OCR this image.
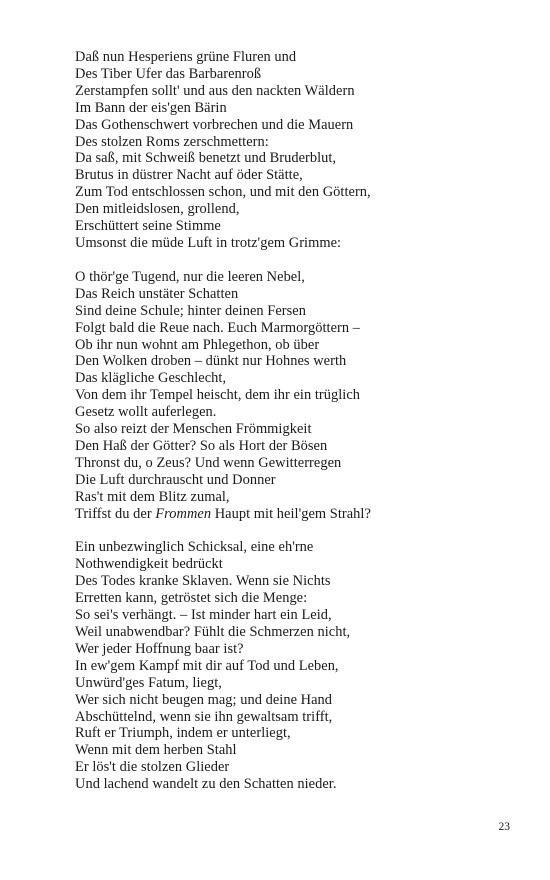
Daß nun Hesperiens grüne Fluren und
Des Tiber Ufer das Barbarenroß
Zerstampfen sollt' und aus den nackten Wäldern
Im Bann der eis'gen Bärin
Das Gothenschwert vorbrechen und die Mauern
Des stolzen Roms zerschmettern:
Da saß, mit Schweiß benetzt und Bruderblut,
Brutus in düstrer Nacht auf öder Stätte,
Zum Tod entschlossen schon, und mit den Göttern,
Den mitleidslosen, grollend,
Erschüttert seine Stimme
Umsonst die müde Luft in trotz'gem Grimme:

O thör'ge Tugend, nur die leeren Nebel,
Das Reich unstäter Schatten
Sind deine Schule; hinter deinen Fersen
Folgt bald die Reue nach. Euch Marmorgöttern –
Ob ihr nun wohnt am Phlegethon, ob über
Den Wolken droben – dünkt nur Hohnes werth
Das klägliche Geschlecht,
Von dem ihr Tempel heischt, dem ihr ein trüglich
Gesetz wollt auferlegen.
So also reizt der Menschen Frömmigkeit
Den Haß der Götter? So als Hort der Bösen
Thronst du, o Zeus? Und wenn Gewitterregen
Die Luft durchrauscht und Donner
Ras't mit dem Blitz zumal,
Triffst du der Frommen Haupt mit heil'gem Strahl?

Ein unbezwinglich Schicksal, eine eh'rne
Nothwendigkeit bedrückt
Des Todes kranke Sklaven. Wenn sie Nichts
Erretten kann, getröstet sich die Menge:
So sei's verhängt. – Ist minder hart ein Leid,
Weil unabwendbar? Fühlt die Schmerzen nicht,
Wer jeder Hoffnung baar ist?
In ew'gem Kampf mit dir auf Tod und Leben,
Unwürd'ges Fatum, liegt,
Wer sich nicht beugen mag; und deine Hand
Abschüttelnd, wenn sie ihn gewaltsam trifft,
Ruft er Triumph, indem er unterliegt,
Wenn mit dem herben Stahl
Er lös't die stolzen Glieder
Und lachend wandelt zu den Schatten nieder.

23
